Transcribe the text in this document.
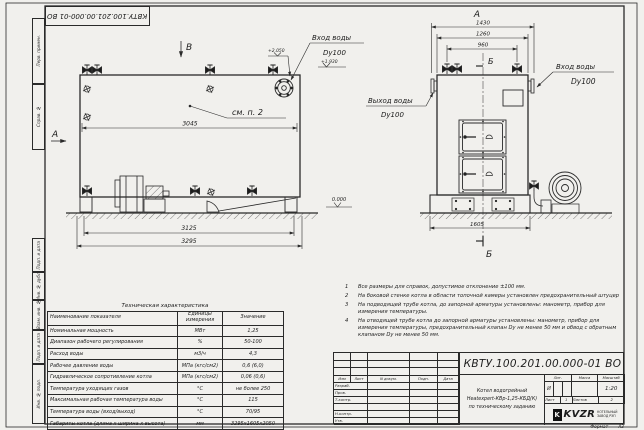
В
А
Вход воды
Dy100
+2.050
+1.930
0.000
см. п. 2
3045
3125
3295
А
1430
1260
960
1605
Б
Б
Выход воды
Dy100
Вход воды
Dy100
КВТУ.100.201.00.000-01 ВО
Перв. примен.
Справ. №
Подп. и дата
Инв. № дубл.
Взам. инв. №
Подп. и дата
Инв. № подл.
1	Все размеры для справок, допустимое отклонение ±100 мм.
2	На боковой стенке котла в области топочной камеры установлен предохранительный штуцер
3	На подводящей трубе котла, до запорной арматуры установлены: манометр, прибор для измерения температуры.
4	На отводящей трубе котла до запорной арматуры установлены: манометр, прибор для измерения температуры, предохранительный клапан Dу не менее 50 мм и обвод с обратным клапаном Dу не менее 50 мм.
Техническая характеристика
Наименование показателя	Единицы измерения	Значение
Номинальная мощность	МВт	1,25
Диапазон рабочего регулирования	%	50-100
Расход воды	м3/ч	4,3
Рабочее давление воды	МПа (кгс/см2)	0,6 (6,0)
Гидравлическое сопротивление котла	МПа (кгс/см2)	0,06 (0,6)
Температура уходящих газов	°С	не более 250
Максимальная рабочая температура воды	°С	115
Температура воды (вход/выход)	°С	70/95
Габариты котла (длина х ширина х высота)	мм	3295х1605х2050
Изм	Лист	N докум.	Подп.	Дата
Разраб.
Пров.
Т.контр.
Н.контр.
Утв.
КВТУ.100.201.00.000-01 ВО
Котел водогрейный
Heatexpert-КВр-1,25-КБД(К)
по техническому заданию
Лит.	Масса	Масштаб
И	1:20
Лист	1	Листов	2
K KVZR КОТЕЛЬНЫЙ
ЗАВОД РЭП
Формат А3
